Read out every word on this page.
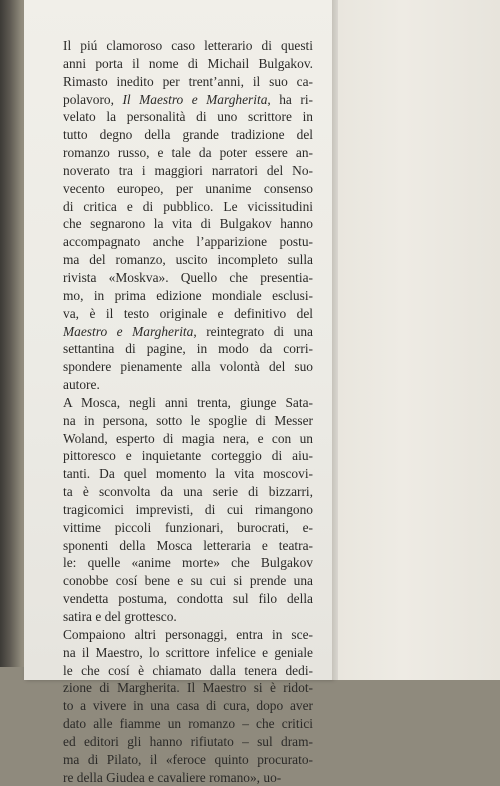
Il piú clamoroso caso letterario di questi
anni porta il nome di Michail Bulgakov.
Rimasto inedito per trent’anni, il suo ca-
polavoro, Il Maestro e Margherita, ha ri-
velato la personalità di uno scrittore in
tutto degno della grande tradizione del
romanzo russo, e tale da poter essere an-
noverato tra i maggiori narratori del No-
vecento europeo, per unanime consenso
di critica e di pubblico. Le vicissitudini
che segnarono la vita di Bulgakov hanno
accompagnato anche l’apparizione postu-
ma del romanzo, uscito incompleto sulla
rivista «Moskva». Quello che presentia-
mo, in prima edizione mondiale esclusi-
va, è il testo originale e definitivo del
Maestro e Margherita, reintegrato di una
settantina di pagine, in modo da corri-
spondere pienamente alla volontà del suo
autore.
A Mosca, negli anni trenta, giunge Sata-
na in persona, sotto le spoglie di Messer
Woland, esperto di magia nera, e con un
pittoresco e inquietante corteggio di aiu-
tanti. Da quel momento la vita moscovi-
ta è sconvolta da una serie di bizzarri,
tragicomici imprevisti, di cui rimangono
vittime piccoli funzionari, burocrati, e-
sponenti della Mosca letteraria e teatra-
le: quelle «anime morte» che Bulgakov
conobbe cosí bene e su cui si prende una
vendetta postuma, condotta sul filo della
satira e del grottesco.
Compaiono altri personaggi, entra in sce-
na il Maestro, lo scrittore infelice e geniale
le che cosí è chiamato dalla tenera dedi-
zione di Margherita. Il Maestro si è ridot-
to a vivere in una casa di cura, dopo aver
dato alle fiamme un romanzo – che critici
ed editori gli hanno rifiutato – sul dram-
ma di Pilato, il «feroce quinto procurato-
re della Giudea e cavaliere romano», uo-
